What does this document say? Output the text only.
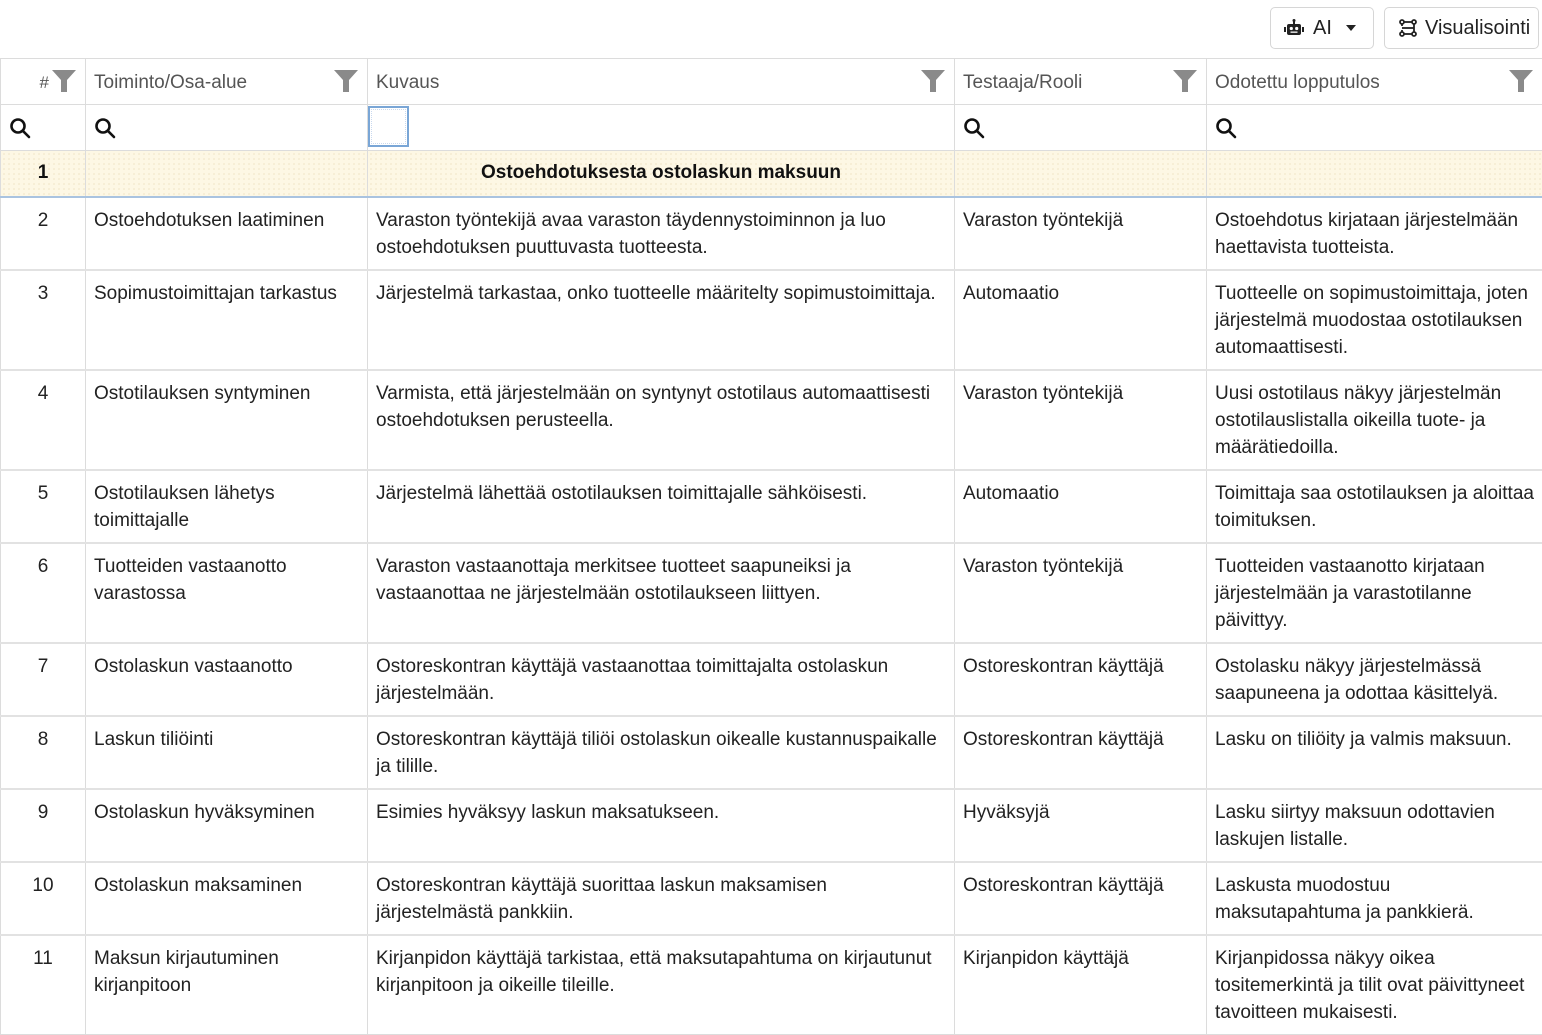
AI	Visualisointi
#	Toiminto/Osa-alue	Kuvaus	Testaaja/Rooli	Odotettu lopputulos

1		Ostoehdotuksesta ostolaskun maksuun		
2	Ostoehdotuksen laatiminen	Varaston työntekijä avaa varaston täydennystoiminnon ja luo ostoehdotuksen puuttuvasta tuotteesta.	Varaston työntekijä	Ostoehdotus kirjataan järjestelmään haettavista tuotteista.
3	Sopimustoimittajan tarkastus	Järjestelmä tarkastaa, onko tuotteelle määritelty sopimustoimittaja.	Automaatio	Tuotteelle on sopimustoimittaja, joten järjestelmä muodostaa ostotilauksen automaattisesti.
4	Ostotilauksen syntyminen	Varmista, että järjestelmään on syntynyt ostotilaus automaattisesti ostoehdotuksen perusteella.	Varaston työntekijä	Uusi ostotilaus näkyy järjestelmän ostotilauslistalla oikeilla tuote- ja määrätiedoilla.
5	Ostotilauksen lähetys toimittajalle	Järjestelmä lähettää ostotilauksen toimittajalle sähköisesti.	Automaatio	Toimittaja saa ostotilauksen ja aloittaa toimituksen.
6	Tuotteiden vastaanotto varastossa	Varaston vastaanottaja merkitsee tuotteet saapuneiksi ja vastaanottaa ne järjestelmään ostotilaukseen liittyen.	Varaston työntekijä	Tuotteiden vastaanotto kirjataan järjestelmään ja varastotilanne päivittyy.
7	Ostolaskun vastaanotto	Ostoreskontran käyttäjä vastaanottaa toimittajalta ostolaskun järjestelmään.	Ostoreskontran käyttäjä	Ostolasku näkyy järjestelmässä saapuneena ja odottaa käsittelyä.
8	Laskun tiliöinti	Ostoreskontran käyttäjä tiliöi ostolaskun oikealle kustannuspaikalle ja tilille.	Ostoreskontran käyttäjä	Lasku on tiliöity ja valmis maksuun.
9	Ostolaskun hyväksyminen	Esimies hyväksyy laskun maksatukseen.	Hyväksyjä	Lasku siirtyy maksuun odottavien laskujen listalle.
10	Ostolaskun maksaminen	Ostoreskontran käyttäjä suorittaa laskun maksamisen järjestelmästä pankkiin.	Ostoreskontran käyttäjä	Laskusta muodostuu maksutapahtuma ja pankkierä.
11	Maksun kirjautuminen kirjanpitoon	Kirjanpidon käyttäjä tarkistaa, että maksutapahtuma on kirjautunut kirjanpitoon ja oikeille tileille.	Kirjanpidon käyttäjä	Kirjanpidossa näkyy oikea tositemerkintä ja tilit ovat päivittyneet tavoitteen mukaisesti.
